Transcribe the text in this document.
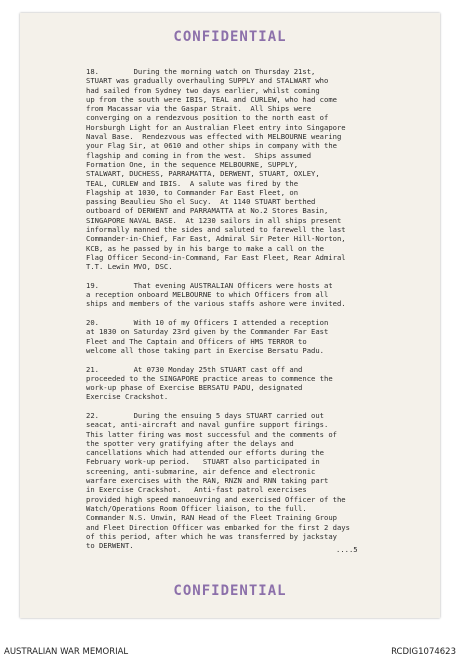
CONFIDENTIAL
18.        During the morning watch on Thursday 21st,
STUART was gradually overhauling SUPPLY and STALWART who
had sailed from Sydney two days earlier, whilst coming
up from the south were IBIS, TEAL and CURLEW, who had come
from Macassar via the Gaspar Strait.  All Ships were
converging on a rendezvous position to the north east of
Horsburgh Light for an Australian Fleet entry into Singapore
Naval Base.  Rendezvous was effected with MELBOURNE wearing
your Flag Sir, at 0610 and other ships in company with the
flagship and coming in from the west.  Ships assumed
Formation One, in the sequence MELBOURNE, SUPPLY,
STALWART, DUCHESS, PARRAMATTA, DERWENT, STUART, OXLEY,
TEAL, CURLEW and IBIS.  A salute was fired by the
Flagship at 1030, to Commander Far East Fleet, on
passing Beaulieu Sho el Sucy.  At 1140 STUART berthed
outboard of DERWENT and PARRAMATTA at No.2 Stores Basin,
SINGAPORE NAVAL BASE.  At 1230 sailors in all ships present
informally manned the sides and saluted to farewell the last
Commander-in-Chief, Far East, Admiral Sir Peter Hill-Norton,
KCB, as he passed by in his barge to make a call on the
Flag Officer Second-in-Command, Far East Fleet, Rear Admiral
T.T. Lewin MVO, DSC.
19.        That evening AUSTRALIAN Officers were hosts at
a reception onboard MELBOURNE to which Officers from all
ships and members of the various staffs ashore were invited.
20.        With 10 of my Officers I attended a reception
at 1830 on Saturday 23rd given by the Commander Far East
Fleet and The Captain and Officers of HMS TERROR to
welcome all those taking part in Exercise Bersatu Padu.
21.        At 0730 Monday 25th STUART cast off and
proceeded to the SINGAPORE practice areas to commence the
work-up phase of Exercise BERSATU PADU, designated
Exercise Crackshot.
22.        During the ensuing 5 days STUART carried out
seacat, anti-aircraft and naval gunfire support firings.
This latter firing was most successful and the comments of
the spotter very gratifying after the delays and
cancellations which had attended our efforts during the
February work-up period.   STUART also participated in
screening, anti-submarine, air defence and electronic
warfare exercises with the RAN, RNZN and RNN taking part
in Exercise Crackshot.   Anti-fast patrol exercises
provided high speed manoeuvring and exercised Officer of the
Watch/Operations Room Officer liaison, to the full.
Commander N.S. Unwin, RAN Head of the Fleet Training Group
and Fleet Direction Officer was embarked for the first 2 days
of this period, after which he was transferred by jackstay
to DERWENT.	....5
CONFIDENTIAL
AUSTRALIAN WAR MEMORIAL	RCDIG1074623
